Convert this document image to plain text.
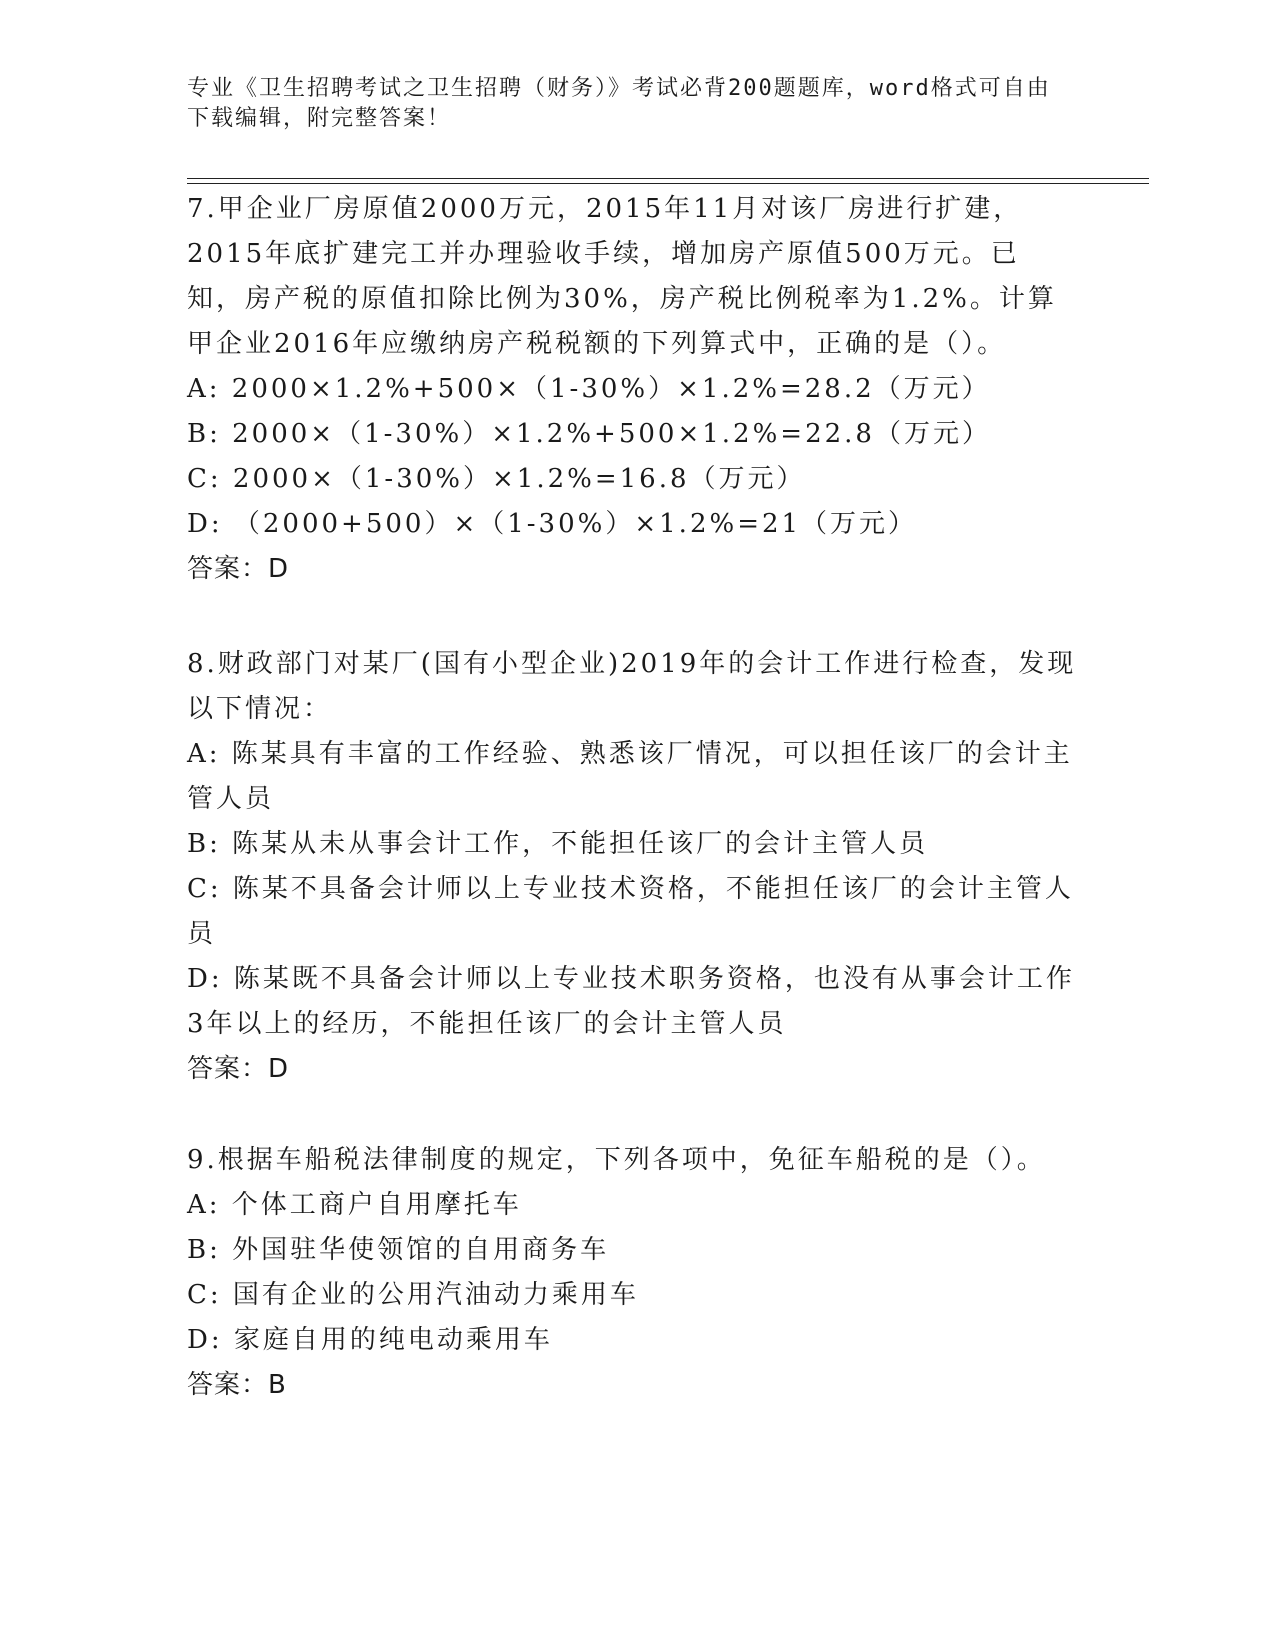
专业《卫生招聘考试之卫生招聘（财务）》考试必背200题题库，word格式可自由下载编辑，附完整答案！

7.甲企业厂房原值2000万元，2015年11月对该厂房进行扩建，2015年底扩建完工并办理验收手续，增加房产原值500万元。已知，房产税的原值扣除比例为30%，房产税比例税率为1.2%。计算甲企业2016年应缴纳房产税税额的下列算式中，正确的是（）。

A: 2000×1.2%+500×（1-30%）×1.2%=28.2（万元）

B: 2000×（1-30%）×1.2%+500×1.2%=22.8（万元）

C: 2000×（1-30%）×1.2%=16.8（万元）

D: （2000+500）×（1-30%）×1.2%=21（万元）

答案：D

8.财政部门对某厂(国有小型企业)2019年的会计工作进行检查，发现以下情况：

A: 陈某具有丰富的工作经验、熟悉该厂情况，可以担任该厂的会计主管人员

B: 陈某从未从事会计工作，不能担任该厂的会计主管人员

C: 陈某不具备会计师以上专业技术资格，不能担任该厂的会计主管人员

D: 陈某既不具备会计师以上专业技术职务资格，也没有从事会计工作3年以上的经历，不能担任该厂的会计主管人员

答案：D

9.根据车船税法律制度的规定，下列各项中，免征车船税的是（）。

A: 个体工商户自用摩托车

B: 外国驻华使领馆的自用商务车

C: 国有企业的公用汽油动力乘用车

D: 家庭自用的纯电动乘用车

答案：B
